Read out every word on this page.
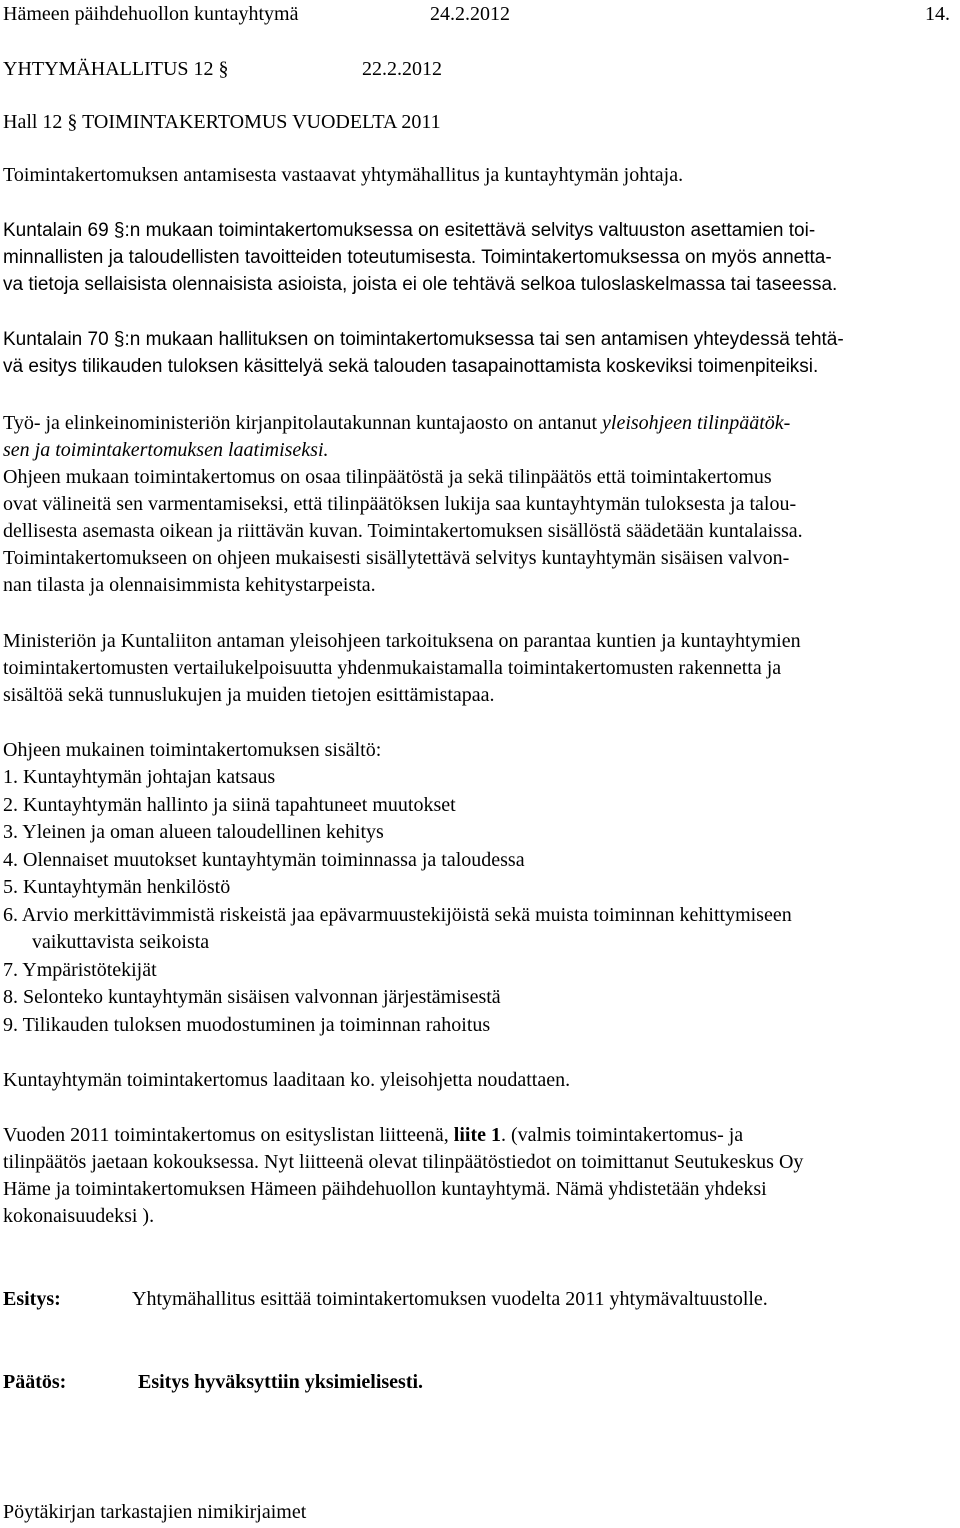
Hämeen päihdehuollon kuntayhtymä	24.2.2012	14.
YHTYMÄHALLITUS 12 §	22.2.2012
Hall 12 § TOIMINTAKERTOMUS VUODELTA 2011
Toimintakertomuksen antamisesta vastaavat yhtymähallitus ja kuntayhtymän johtaja.
Kuntalain 69 §:n mukaan toimintakertomuksessa on esitettävä selvitys valtuuston asettamien toi-
minnallisten ja taloudellisten tavoitteiden toteutumisesta. Toimintakertomuksessa on myös annetta-
va tietoja sellaisista olennaisista asioista, joista ei ole tehtävä selkoa tuloslaskelmassa tai taseessa.
Kuntalain 70 §:n mukaan hallituksen on toimintakertomuksessa tai sen antamisen yhteydessä tehtä-
vä esitys tilikauden tuloksen käsittelyä sekä talouden tasapainottamista koskeviksi toimenpiteiksi.
Työ- ja elinkeinoministeriön kirjanpitolautakunnan kuntajaosto on antanut yleisohjeen tilinpäätök-
sen ja toimintakertomuksen laatimiseksi.
Ohjeen mukaan toimintakertomus on osaa tilinpäätöstä ja sekä tilinpäätös että toimintakertomus
ovat välineitä sen varmentamiseksi, että tilinpäätöksen lukija saa kuntayhtymän tuloksesta ja talou-
dellisesta asemasta oikean ja riittävän kuvan. Toimintakertomuksen sisällöstä säädetään kuntalaissa.
Toimintakertomukseen on ohjeen mukaisesti sisällytettävä selvitys kuntayhtymän sisäisen valvon-
nan tilasta ja olennaisimmista kehitystarpeista.
Ministeriön ja Kuntaliiton antaman yleisohjeen tarkoituksena on parantaa kuntien ja kuntayhtymien
toimintakertomusten vertailukelpoisuutta yhdenmukaistamalla toimintakertomusten rakennetta ja
sisältöä sekä tunnuslukujen ja muiden tietojen esittämistapaa.
Ohjeen mukainen toimintakertomuksen sisältö:
1. Kuntayhtymän johtajan katsaus
2. Kuntayhtymän hallinto ja siinä tapahtuneet muutokset
3. Yleinen ja oman alueen taloudellinen kehitys
4. Olennaiset muutokset kuntayhtymän toiminnassa ja taloudessa
5. Kuntayhtymän henkilöstö
6. Arvio merkittävimmistä riskeistä jaa epävarmuustekijöistä sekä muista toiminnan kehittymiseen
vaikuttavista seikoista
7. Ympäristötekijät
8. Selonteko kuntayhtymän sisäisen valvonnan järjestämisestä
9. Tilikauden tuloksen muodostuminen ja toiminnan rahoitus
Kuntayhtymän toimintakertomus laaditaan ko. yleisohjetta noudattaen.
Vuoden 2011 toimintakertomus on esityslistan liitteenä, liite 1. (valmis toimintakertomus- ja
tilinpäätös jaetaan kokouksessa. Nyt liitteenä olevat tilinpäätöstiedot on toimittanut Seutukeskus Oy
Häme ja toimintakertomuksen Hämeen päihdehuollon kuntayhtymä. Nämä yhdistetään yhdeksi
kokonaisuudeksi ).
Esitys:	Yhtymähallitus esittää toimintakertomuksen vuodelta 2011 yhtymävaltuustolle.
Päätös:	Esitys hyväksyttiin yksimielisesti.
Pöytäkirjan tarkastajien nimikirjaimet
